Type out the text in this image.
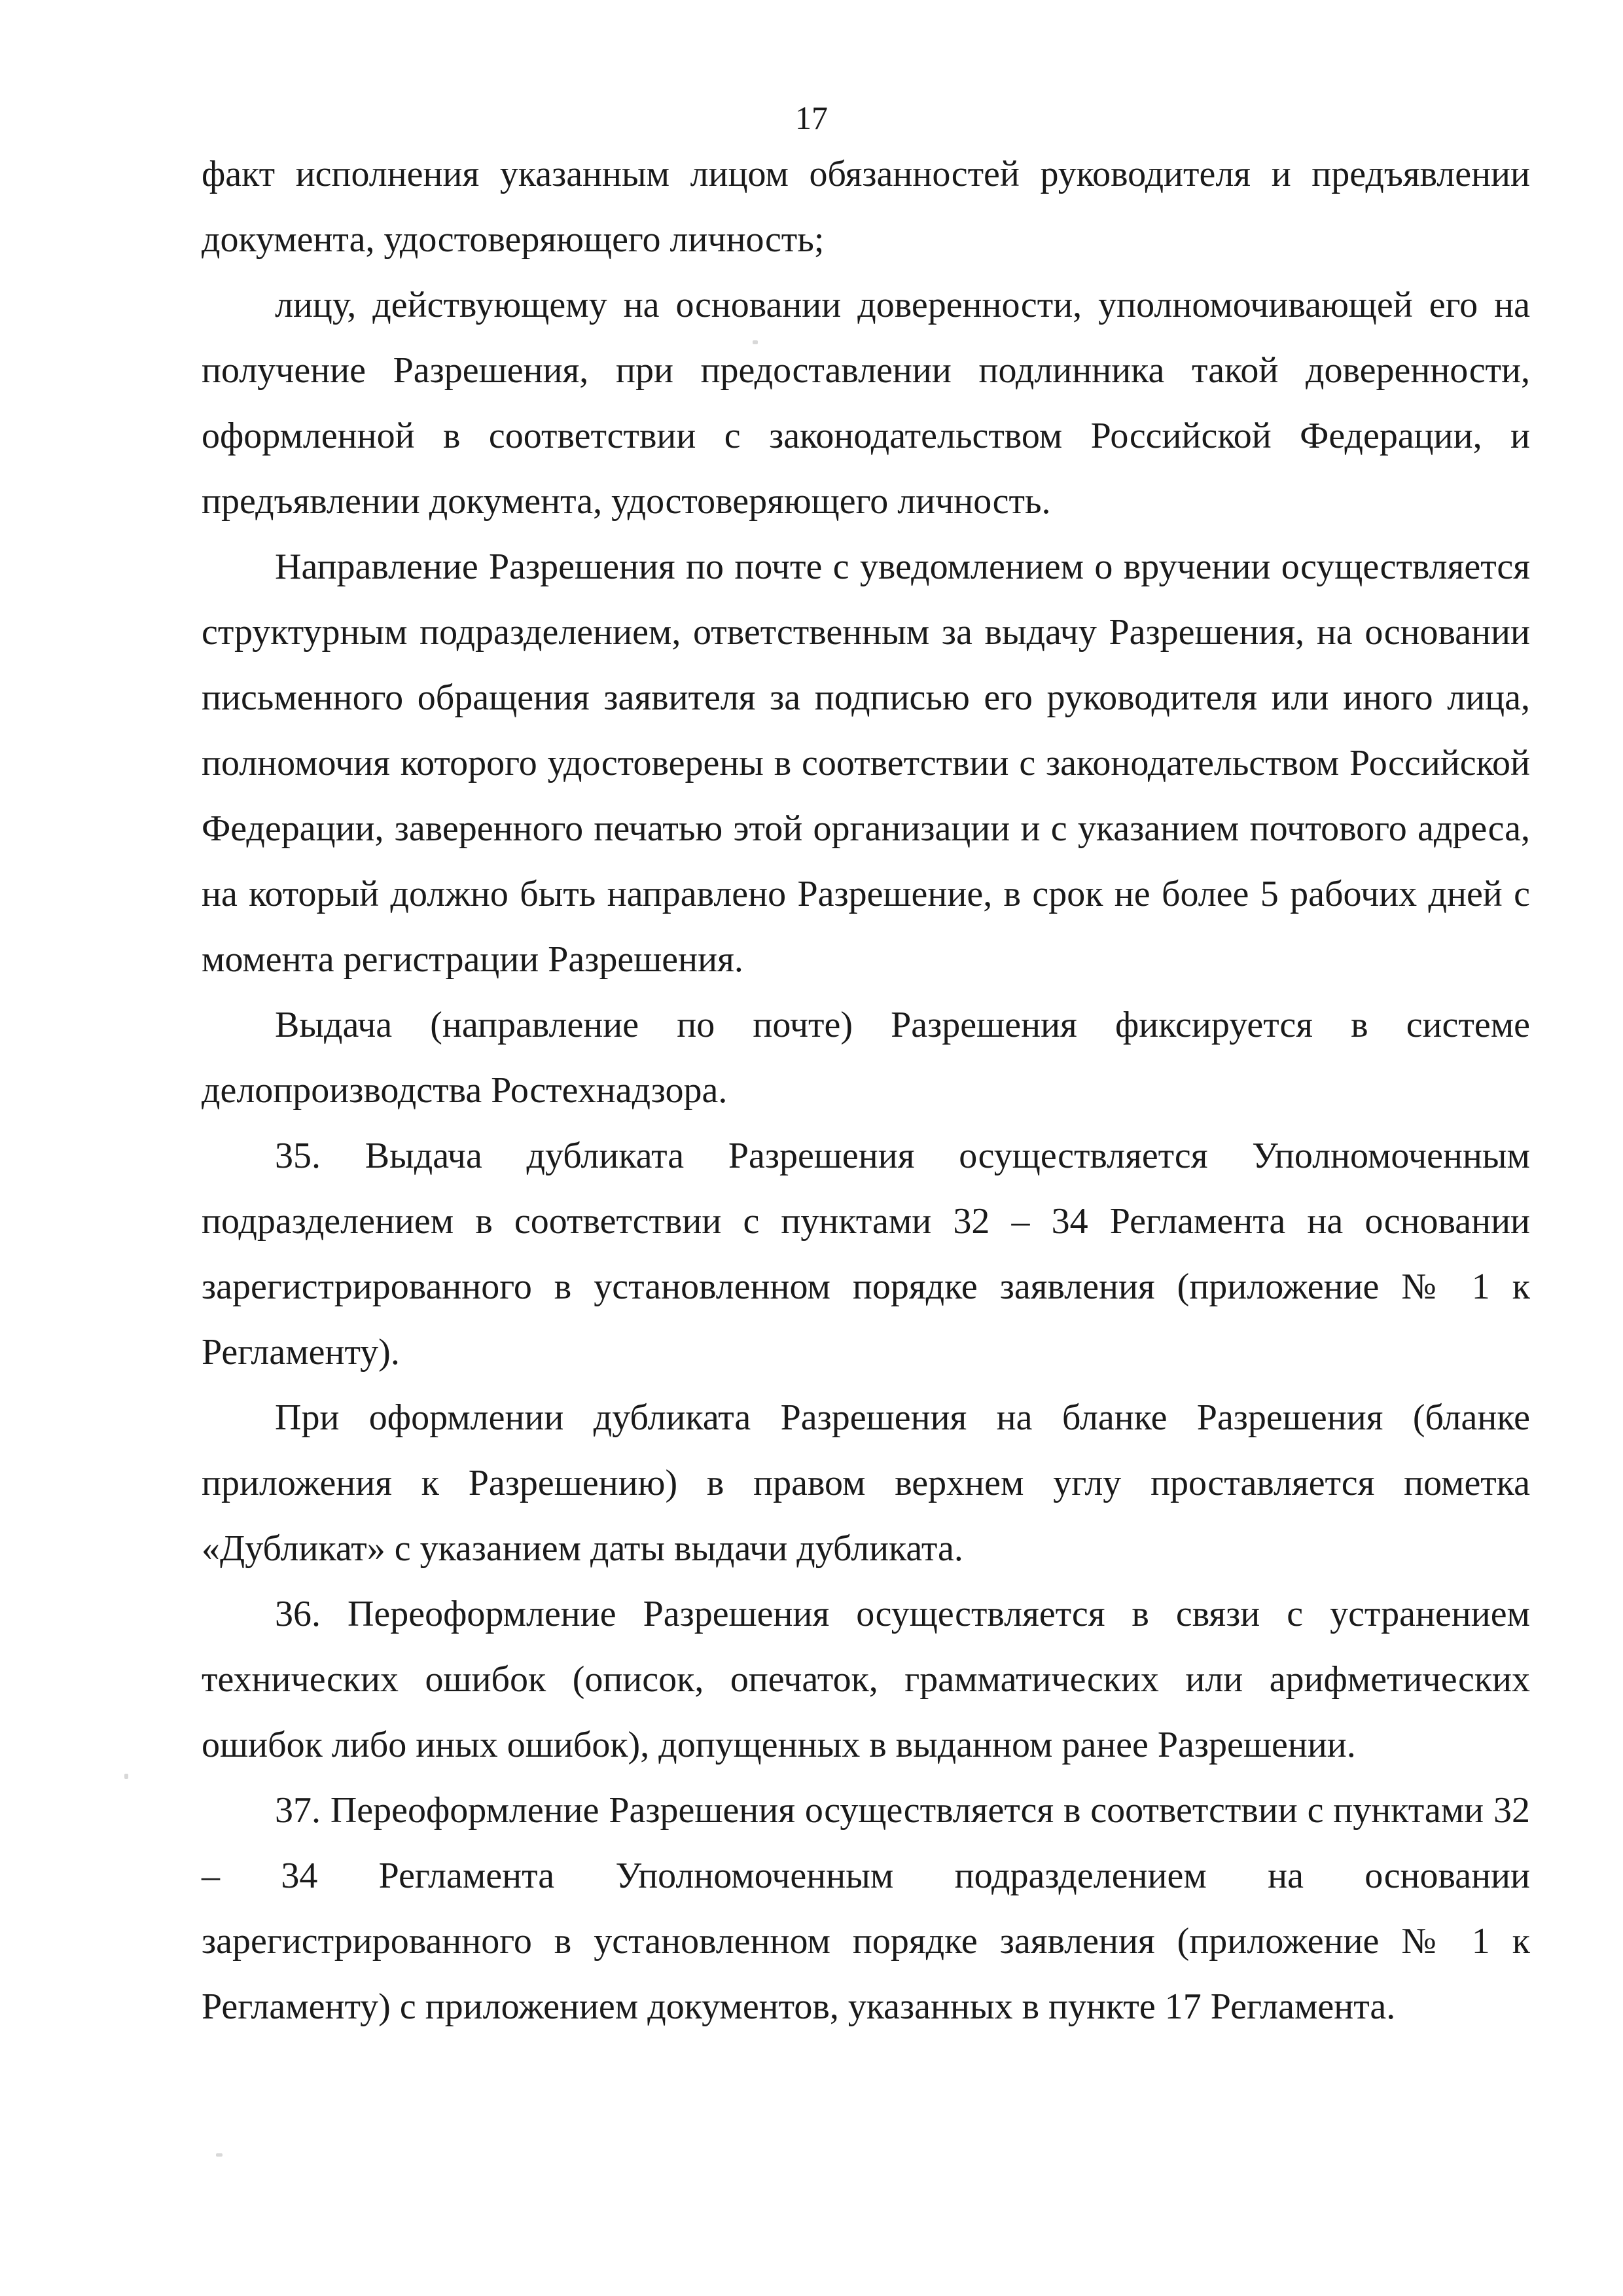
17

факт исполнения указанным лицом обязанностей руководителя и предъявлении документа, удостоверяющего личность;

лицу, действующему на основании доверенности, уполномочивающей его на получение Разрешения, при предоставлении подлинника такой доверенности, оформленной в соответствии с законодательством Российской Федерации, и предъявлении документа, удостоверяющего личность.

Направление Разрешения по почте с уведомлением о вручении осуществляется структурным подразделением, ответственным за выдачу Разрешения, на основании письменного обращения заявителя за подписью его руководителя или иного лица, полномочия которого удостоверены в соответствии с законодательством Российской Федерации, заверенного печатью этой организации и с указанием почтового адреса, на который должно быть направлено Разрешение, в срок не более 5 рабочих дней с момента регистрации Разрешения.

Выдача (направление по почте) Разрешения фиксируется в системе делопроизводства Ростехнадзора.

35. Выдача дубликата Разрешения осуществляется Уполномоченным подразделением в соответствии с пунктами 32 – 34 Регламента на основании зарегистрированного в установленном порядке заявления (приложение № 1 к Регламенту).

При оформлении дубликата Разрешения на бланке Разрешения (бланке приложения к Разрешению) в правом верхнем углу проставляется пометка «Дубликат» с указанием даты выдачи дубликата.

36. Переоформление Разрешения осуществляется в связи с устранением технических ошибок (описок, опечаток, грамматических или арифметических ошибок либо иных ошибок), допущенных в выданном ранее Разрешении.

37. Переоформление Разрешения осуществляется в соответствии с пунктами 32 – 34 Регламента Уполномоченным подразделением на основании зарегистрированного в установленном порядке заявления (приложение № 1 к Регламенту) с приложением документов, указанных в пункте 17 Регламента.
